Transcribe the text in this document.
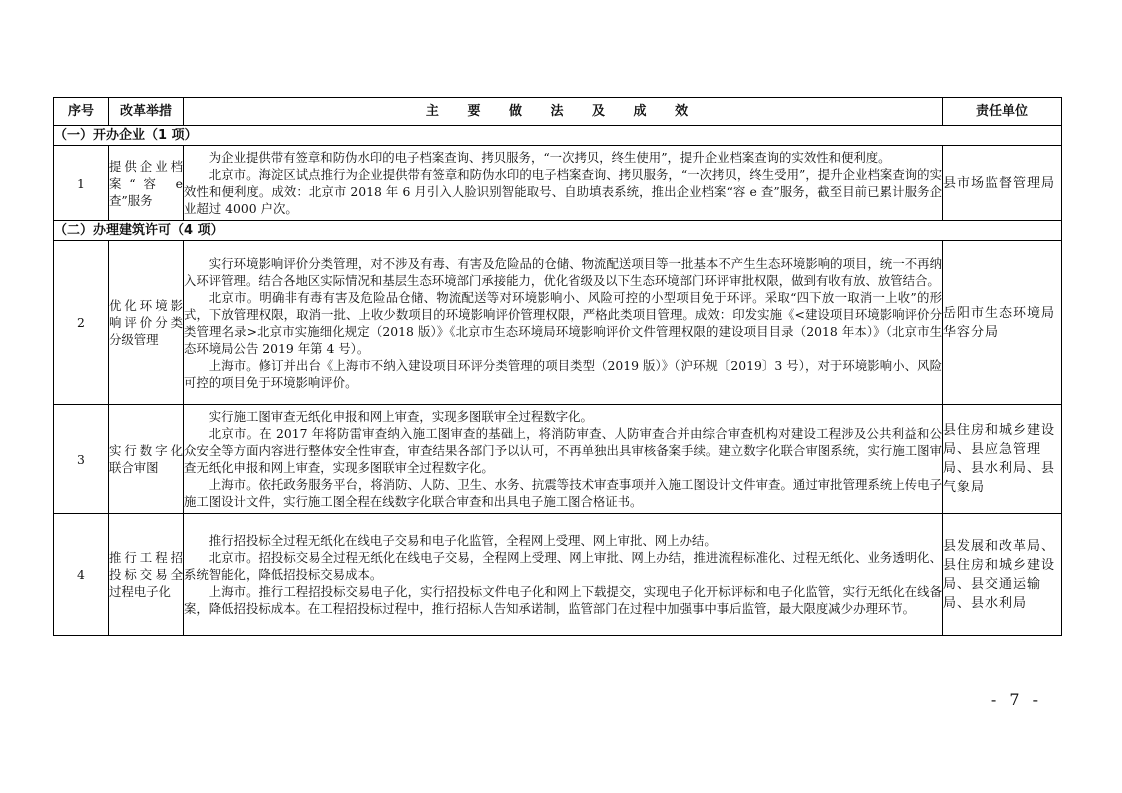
序号	改革举措	主 要 做 法 及 成 效	责任单位
（一）开办企业（1 项）			
1	提供企业档案“容 e 查”服务	为企业提供带有签章和防伪水印的电子档案查询、拷贝服务，“一次拷贝，终生使用”，提升企业档案查询的实效性和便利度。

北京市。海淀区试点推行为企业提供带有签章和防伪水印的电子档案查询、拷贝服务，“一次拷贝，终生受用”，提升企业档案查询的实效性和便利度。成效：北京市 2018 年 6 月引入人脸识别智能取号、自助填表系统，推出企业档案“容 e 查”服务，截至目前已累计服务企业超过 4000 户次。	县市场监督管理局
（二）办理建筑许可（4 项）			
2	优化环境影响评价分类分级管理	实行环境影响评价分类管理，对不涉及有毒、有害及危险品的仓储、物流配送项目等一批基本不产生生态环境影响的项目，统一不再纳入环评管理。结合各地区实际情况和基层生态环境部门承接能力，优化省级及以下生态环境部门环评审批权限，做到有收有放、放管结合。

北京市。明确非有毒有害及危险品仓储、物流配送等对环境影响小、风险可控的小型项目免于环评。采取“四下放一取消一上收”的形式，下放管理权限，取消一批、上收少数项目的环境影响评价管理权限，严格此类项目管理。成效：印发实施《<建设项目环境影响评价分类管理名录>北京市实施细化规定（2018 版）》《北京市生态环境局环境影响评价文件管理权限的建设项目目录（2018 年本）》（北京市生态环境局公告 2019 年第 4 号）。

上海市。修订并出台《上海市不纳入建设项目环评分类管理的项目类型（2019 版）》（沪环规〔2019〕3 号），对于环境影响小、风险可控的项目免于环境影响评价。	岳阳市生态环境局华容分局
3	实行数字化联合审图	实行施工图审查无纸化申报和网上审查，实现多图联审全过程数字化。

北京市。在 2017 年将防雷审查纳入施工图审查的基础上，将消防审查、人防审查合并由综合审查机构对建设工程涉及公共利益和公众安全等方面内容进行整体安全性审查，审查结果各部门予以认可，不再单独出具审核备案手续。建立数字化联合审图系统，实行施工图审查无纸化申报和网上审查，实现多图联审全过程数字化。

上海市。依托政务服务平台，将消防、人防、卫生、水务、抗震等技术审查事项并入施工图设计文件审查。通过审批管理系统上传电子施工图设计文件，实行施工图全程在线数字化联合审查和出具电子施工图合格证书。	县住房和城乡建设局、县应急管理局、县水利局、县气象局
4	推行工程招投标交易全过程电子化	推行招投标全过程无纸化在线电子交易和电子化监管，全程网上受理、网上审批、网上办结。

北京市。招投标交易全过程无纸化在线电子交易，全程网上受理、网上审批、网上办结，推进流程标准化、过程无纸化、业务透明化、系统智能化，降低招投标交易成本。

上海市。推行工程招投标交易电子化，实行招投标文件电子化和网上下载提交，实现电子化开标评标和电子化监管，实行无纸化在线备案，降低招投标成本。在工程招投标过程中，推行招标人告知承诺制，监管部门在过程中加强事中事后监管，最大限度减少办理环节。	县发展和改革局、县住房和城乡建设局、县交通运输局、县水利局
- 7 -
